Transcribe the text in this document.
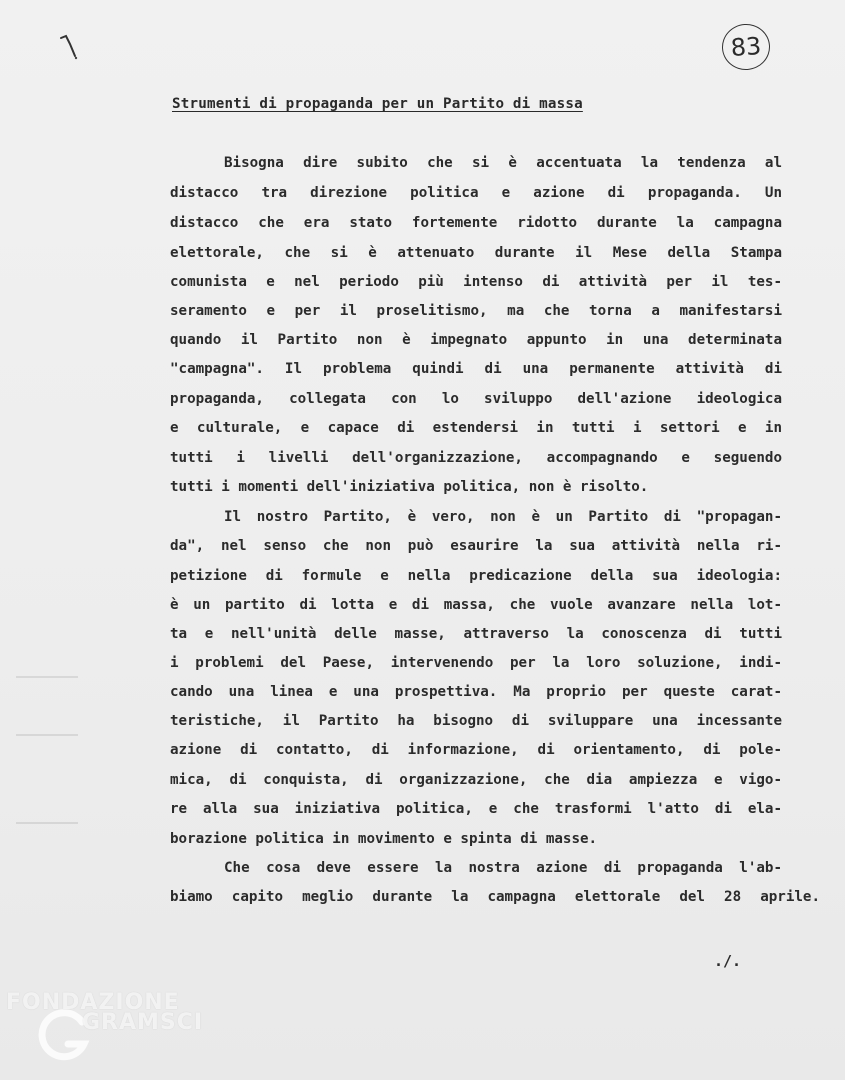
83
Strumenti di propaganda per un Partito di massa
Bisogna dire subito che si è accentuata la tendenza al
distacco tra direzione politica e azione di propaganda. Un
distacco che era stato fortemente ridotto durante la campagna
elettorale, che si è attenuato durante il Mese della Stampa
comunista e nel periodo più intenso di attività per il tes-
seramento e per il proselitismo, ma che torna a manifestarsi
quando il Partito non è impegnato appunto in una determinata
"campagna". Il problema quindi di una permanente attività di
propaganda, collegata con lo sviluppo dell'azione ideologica
e culturale, e capace di estendersi in tutti i settori e in
tutti i livelli dell'organizzazione, accompagnando e seguendo
tutti i momenti dell'iniziativa politica, non è risolto.
Il nostro Partito, è vero, non è un Partito di "propagan-
da", nel senso che non può esaurire la sua attività nella ri-
petizione di formule e nella predicazione della sua ideologia:
è un partito di lotta e di massa, che vuole avanzare nella lot-
ta e nell'unità delle masse, attraverso la conoscenza di tutti
i problemi del Paese, intervenendo per la loro soluzione, indi-
cando una linea e una prospettiva. Ma proprio per queste carat-
teristiche, il Partito ha bisogno di sviluppare una incessante
azione di contatto, di informazione, di orientamento, di pole-
mica, di conquista, di organizzazione, che dia ampiezza e vigo-
re alla sua iniziativa politica, e che trasformi l'atto di ela-
borazione politica in movimento e spinta di masse.
Che cosa deve essere la nostra azione di propaganda l'ab-
biamo capito meglio durante la campagna elettorale del 28 aprile.
./.
FONDAZIONE
GRAMSCI
